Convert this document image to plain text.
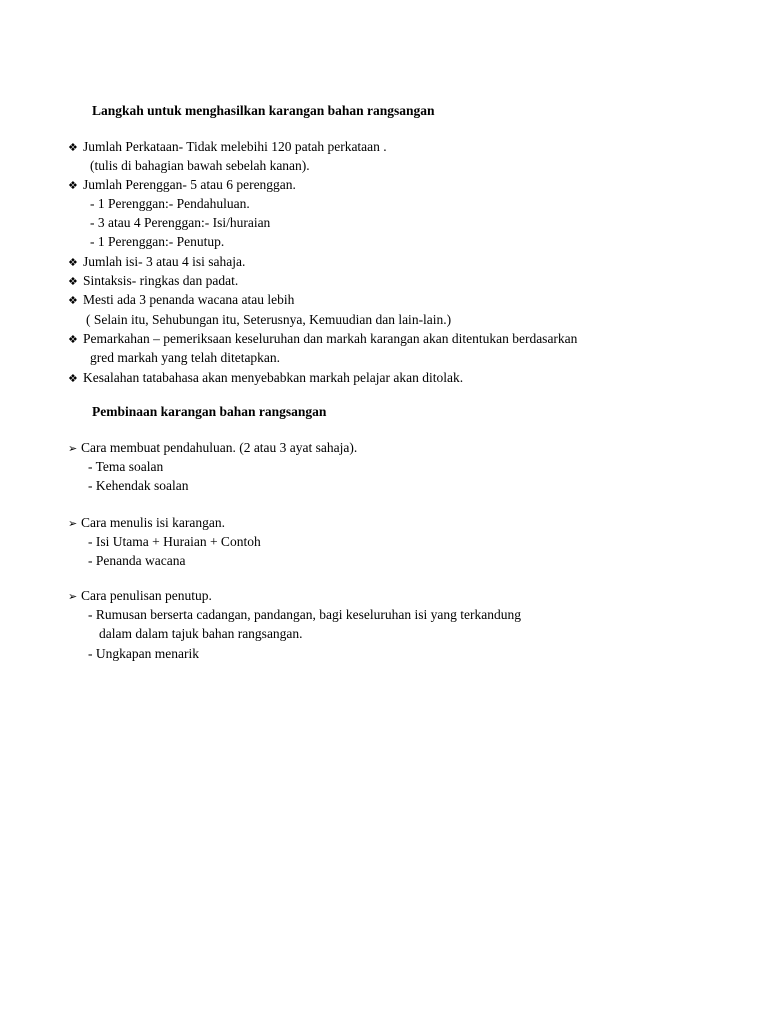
Langkah untuk menghasilkan karangan bahan rangsangan
❖ Jumlah Perkataan- Tidak melebihi 120 patah perkataan .
(tulis di bahagian bawah sebelah kanan).
❖ Jumlah Perenggan- 5 atau 6 perenggan.
- 1 Perenggan:- Pendahuluan.
- 3 atau 4 Perenggan:- Isi/huraian
- 1 Perenggan:- Penutup.
❖ Jumlah isi- 3 atau 4 isi sahaja.
❖ Sintaksis- ringkas dan padat.
❖ Mesti ada 3 penanda wacana atau lebih
( Selain itu, Sehubungan itu, Seterusnya, Kemuudian dan lain-lain.)
❖ Pemarkahan – pemeriksaan keseluruhan dan markah karangan akan ditentukan berdasarkan
gred markah yang telah ditetapkan.
❖ Kesalahan tatabahasa akan menyebabkan markah pelajar akan ditolak.
Pembinaan karangan bahan rangsangan
➢ Cara membuat pendahuluan. (2 atau 3 ayat sahaja).
- Tema soalan
- Kehendak soalan
➢ Cara menulis isi karangan.
- Isi Utama + Huraian + Contoh
- Penanda wacana
➢ Cara penulisan penutup.
- Rumusan berserta cadangan, pandangan, bagi keseluruhan isi yang terkandung
dalam dalam tajuk bahan rangsangan.
- Ungkapan menarik
